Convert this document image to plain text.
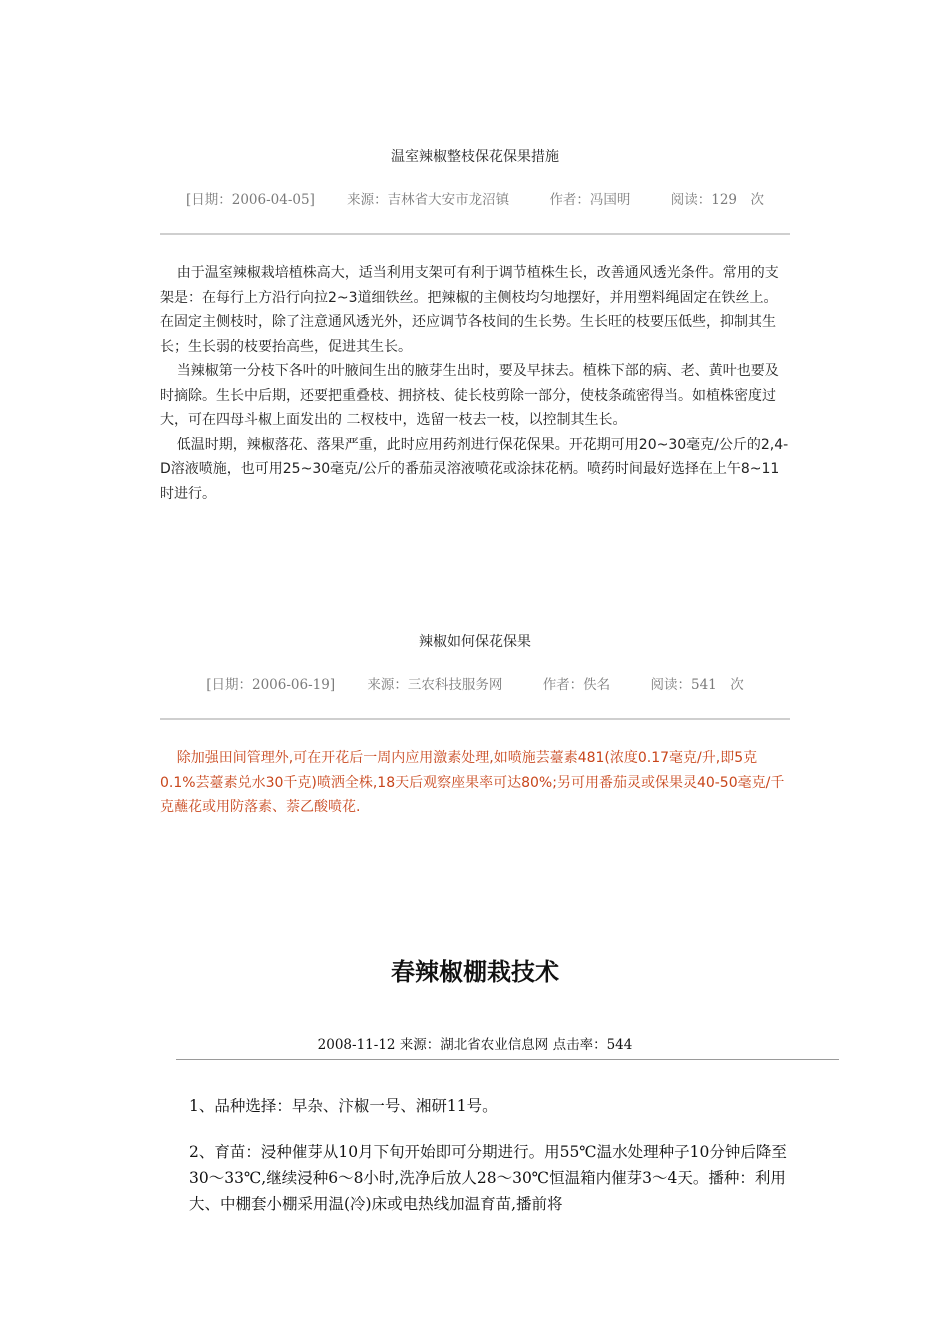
温室辣椒整枝保花保果措施
[日期：2006-04-05] 来源：吉林省大安市龙沼镇	作者：冯国明	阅读：129　次

由于温室辣椒栽培植株高大，适当利用支架可有利于调节植株生长，改善通风透光条件。常用的支架是：在每行上方沿行向拉2~3道细铁丝。把辣椒的主侧枝均匀地摆好，并用塑料绳固定在铁丝上。在固定主侧枝时，除了注意通风透光外，还应调节各枝间的生长势。生长旺的枝要压低些，抑制其生长；生长弱的枝要抬高些，促进其生长。

当辣椒第一分枝下各叶的叶腋间生出的腋芽生出时，要及早抹去。植株下部的病、老、黄叶也要及时摘除。生长中后期，还要把重叠枝、拥挤枝、徒长枝剪除一部分，使枝条疏密得当。如植株密度过大，可在四母斗椒上面发出的 二杈枝中，选留一枝去一枝，以控制其生长。

低温时期，辣椒落花、落果严重，此时应用药剂进行保花保果。开花期可用20~30毫克/公斤的2,4-D溶液喷施，也可用25~30毫克/公斤的番茄灵溶液喷花或涂抹花柄。喷药时间最好选择在上午8~11时进行。

辣椒如何保花保果
[日期：2006-06-19] 来源：三农科技服务网	作者：佚名	阅读：541　次

除加强田间管理外,可在开花后一周内应用激素处理,如喷施芸薹素481(浓度0.17毫克/升,即5克0.1%芸薹素兑水30千克)喷洒全株,18天后观察座果率可达80%;另可用番茄灵或保果灵40-50毫克/千克蘸花或用防落素、萘乙酸喷花.

春辣椒棚栽技术
2008-11-12 来源：湖北省农业信息网 点击率：544

1、品种选择：早杂、汴椒一号、湘研11号。

2、育苗：浸种催芽从10月下旬开始即可分期进行。用55℃温水处理种子10分钟后降至30～33℃,继续浸种6～8小时,洗净后放人28～30℃恒温箱内催芽3～4天。播种：利用大、中棚套小棚采用温(冷)床或电热线加温育苗,播前将
